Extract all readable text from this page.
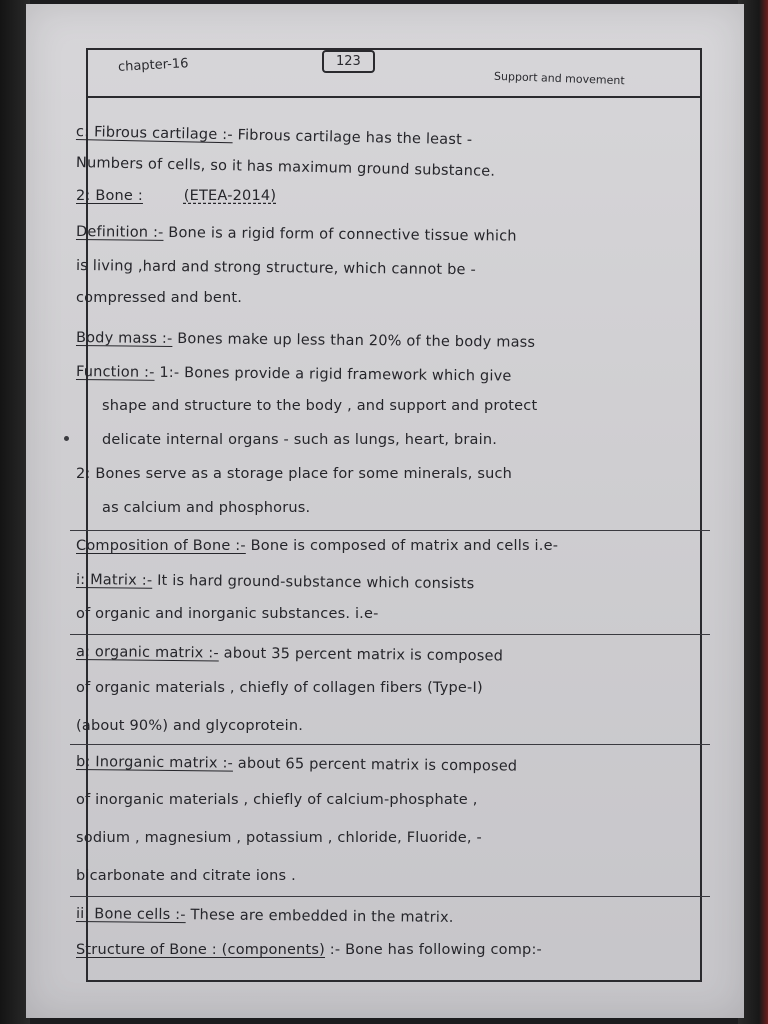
chapter-16	123
Support and movement
c: Fibrous cartilage :- Fibrous cartilage has the least -
Numbers of cells, so it has maximum ground substance.
2: Bone :	(ETEA-2014)
Definition :- Bone is a rigid form of connective tissue which
is living ,hard and strong structure, which cannot be -
compressed and bent.
Body mass :- Bones make up less than 20% of the body mass
Function :- 1:- Bones provide a rigid framework which give
shape and structure to the body , and support and protect
delicate internal organs - such as lungs, heart, brain.
2: Bones serve as a storage place for some minerals, such
as calcium and phosphorus.
Composition of Bone :- Bone is composed of matrix and cells i.e-
i: Matrix :- It is hard ground-substance which consists
of organic and inorganic substances. i.e-
a: organic matrix :- about 35 percent matrix is composed
of organic materials , chiefly of collagen fibers (Type-I)
(about 90%) and glycoprotein.
b: Inorganic matrix :- about 65 percent matrix is composed
of inorganic materials , chiefly of calcium-phosphate ,
sodium , magnesium , potassium , chloride, Fluoride, -
bicarbonate and citrate ions .
ii: Bone cells :- These are embedded in the matrix.
Structure of Bone : (components) :- Bone has following comp:-
